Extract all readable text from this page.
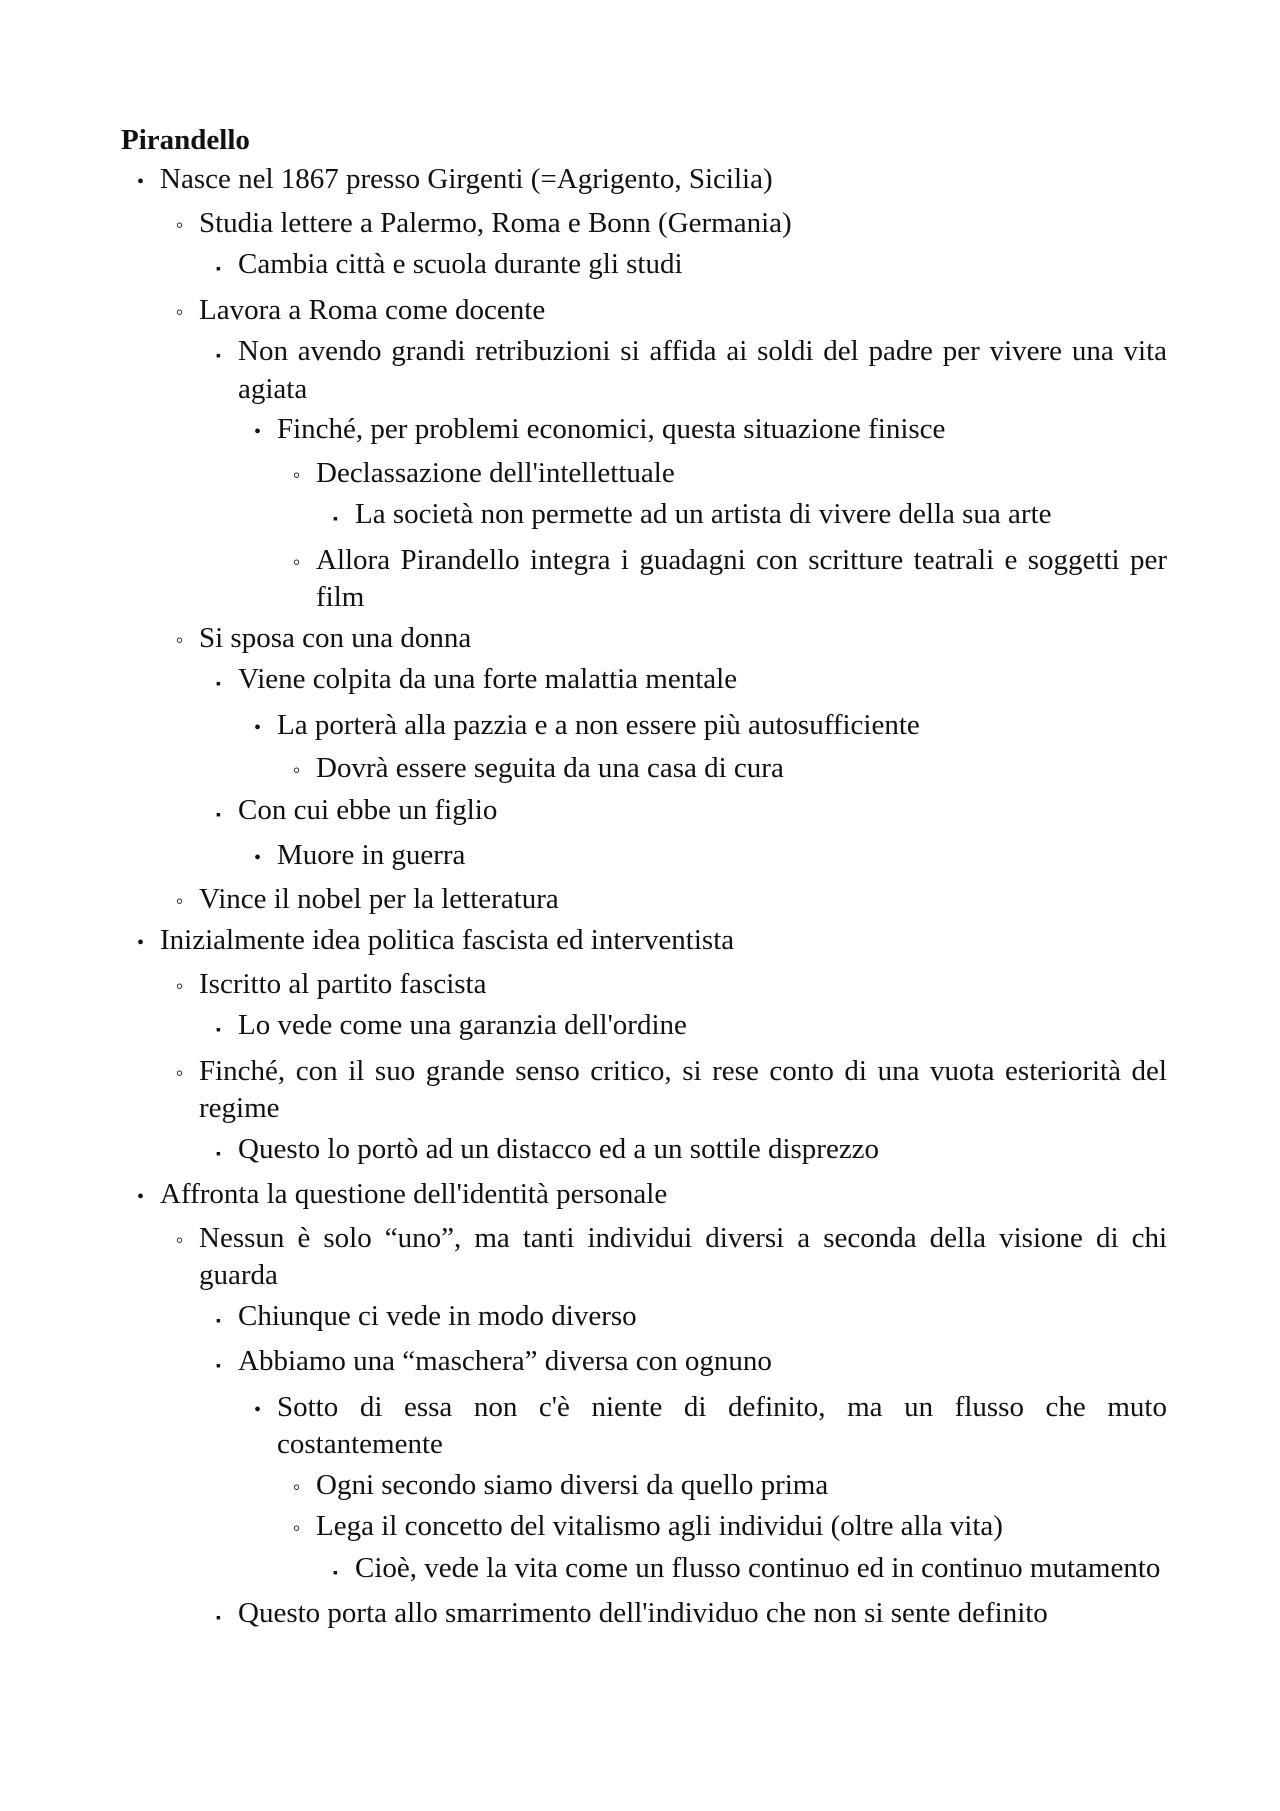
Pirandello
•
Nasce nel 1867 presso Girgenti (=Agrigento, Sicilia)
◦
Studia lettere a Palermo, Roma e Bonn (Germania)
▪
Cambia città e scuola durante gli studi
◦
Lavora a Roma come docente
▪
Non avendo grandi retribuzioni si affida ai soldi del padre per vivere una vita agiata
•
Finché, per problemi economici, questa situazione finisce
◦
Declassazione dell'intellettuale
▪
La società non permette ad un artista di vivere della sua arte
◦
Allora Pirandello integra i guadagni con scritture teatrali e soggetti per film
◦
Si sposa con una donna
▪
Viene colpita da una forte malattia mentale
•
La porterà alla pazzia e a non essere più autosufficiente
◦
Dovrà essere seguita da una casa di cura
▪
Con cui ebbe un figlio
•
Muore in guerra
◦
Vince il nobel per la letteratura
•
Inizialmente idea politica fascista ed interventista
◦
Iscritto al partito fascista
▪
Lo vede come una garanzia dell'ordine
◦
Finché, con il suo grande senso critico, si rese conto di una vuota esteriorità del regime
▪
Questo lo portò ad un distacco ed a un sottile disprezzo
•
Affronta la questione dell'identità personale
◦
Nessun è solo “uno”, ma tanti individui diversi a seconda della visione di chi guarda
▪
Chiunque ci vede in modo diverso
▪
Abbiamo una “maschera” diversa con ognuno
•
Sotto di essa non c'è niente di definito, ma un flusso che muto costantemente
◦
Ogni secondo siamo diversi da quello prima
◦
Lega il concetto del vitalismo agli individui (oltre alla vita)
▪
Cioè, vede la vita come un flusso continuo ed in continuo mutamento
▪
Questo porta allo smarrimento dell'individuo che non si sente definito
